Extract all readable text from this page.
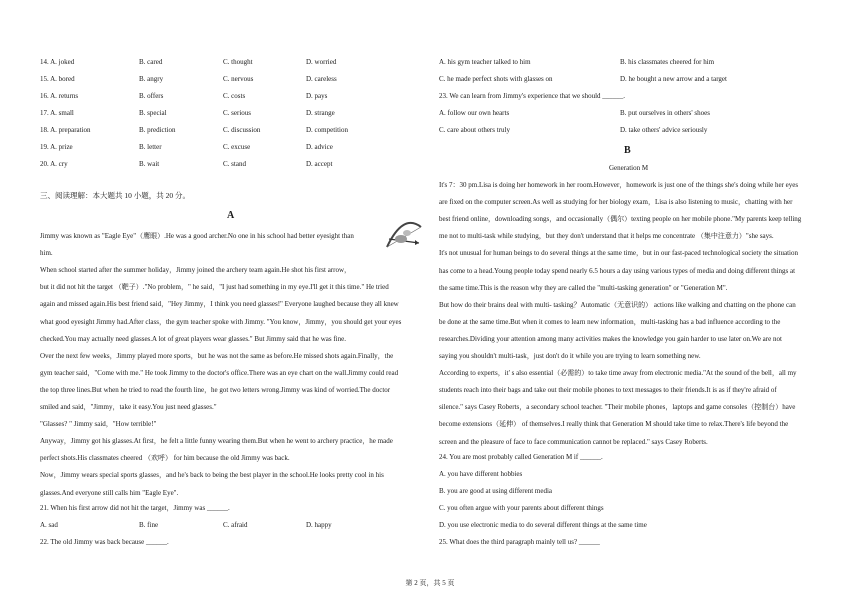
14. A. joked	B. cared	C. thought	D. worried
15. A. bored	B. angry	C. nervous	D. careless
16. A. returns	B. offers	C. costs	D. pays
17. A. small	B. special	C. serious	D. strange
18. A. preparation	B. prediction	C. discussion	D. competition
19. A. prize	B. letter	C. excuse	D. advice
20. A. cry	B. wait	C. stand	D. accept
三、阅读理解：本大题共 10 小题，共 20 分。
A
Jimmy was known as "Eagle Eye"（鹰眼）.He was a good archer.No one in his school had better eyesight than
him.
When school started after the summer holiday，Jimmy joined the archery team again.He shot his first arrow，
but it did not hit the target （靶子）."No problem，" he said，"I just had something in my eye.I'll get it this time." He tried
again and missed again.His best friend said，"Hey Jimmy，I think you need glasses!" Everyone laughed because they all knew
what good eyesight Jimmy had.After class，the gym teacher spoke with Jimmy. "You know，Jimmy，you should get your eyes
checked.You may actually need glasses.A lot of great players wear glasses." But Jimmy said that he was fine.
Over the next few weeks，Jimmy played more sports，but he was not the same as before.He missed shots again.Finally，the
gym teacher said，"Come with me." He took Jimmy to the doctor's office.There was an eye chart on the wall.Jimmy could read
the top three lines.But when he tried to read the fourth line，he got two letters wrong.Jimmy was kind of worried.The doctor
smiled and said，"Jimmy，take it easy.You just need glasses."
"Glasses? " Jimmy said，"How terrible!"
Anyway，Jimmy got his glasses.At first，he felt a little funny wearing them.But when he went to archery practice，he made
perfect shots.His classmates cheered （欢呼） for him because the old Jimmy was back.
Now，Jimmy wears special sports glasses，and he's back to being the best player in the school.He looks pretty cool in his
glasses.And everyone still calls him "Eagle Eye".
21. When his first arrow did not hit the target，Jimmy was ______.
A. sad	B. fine	C. afraid	D. happy
22. The old Jimmy was back because ______.
A. his gym teacher talked to him	B. his classmates cheered for him
C. he made perfect shots with glasses on	D. he bought a new arrow and a target
23. We can learn from Jimmy's experience that we should ______.
A. follow our own hearts	B. put ourselves in others' shoes
C. care about others truly	D. take others' advice seriously
B
Generation M
It's 7：30 pm.Lisa is doing her homework in her room.However，homework is just one of the things she's doing while her eyes
are fixed on the computer screen.As well as studying for her biology exam，Lisa is also listening to music，chatting with her
best friend online，downloading songs，and occasionally（偶尔）texting people on her mobile phone."My parents keep telling
me not to multi-task while studying，but they don't understand that it helps me concentrate （集中注意力）"she says.
It's not unusual for human beings to do several things at the same time，but in our fast-paced technological society the situation
has come to a head.Young people today spend nearly 6.5 hours a day using various types of media and doing different things at
the same time.This is the reason why they are called the "multi-tasking generation" or "Generation M".
But how do their brains deal with multi- tasking？Automatic（无意识的） actions like walking and chatting on the phone can
be done at the same time.But when it comes to learn new information，multi-tasking has a bad influence according to the
researches.Dividing your attention among many activities makes the knowledge you gain harder to use later on.We are not
saying you shouldn't multi-task，just don't do it while you are trying to learn something new.
According to experts，it' s also essential（必需的）to take time away from electronic media."At the sound of the bell，all my
students reach into their bags and take out their mobile phones to text messages to their friends.It is as if they're afraid of
silence." says Casey Roberts，a secondary school teacher. "Their mobile phones，laptops and game consoles（控制台）have
become extensions（延伸） of themselves.I really think that Generation M should take time to relax.There's life beyond the
screen and the pleasure of face to face communication cannot be replaced." says Casey Roberts.
24. You are most probably called Generation M if ______.
A. you have different hobbies
B. you are good at using different media
C. you often argue with your parents about different things
D. you use electronic media to do several different things at the same time
25. What does the third paragraph mainly tell us? ______
第 2 页，共 5 页
